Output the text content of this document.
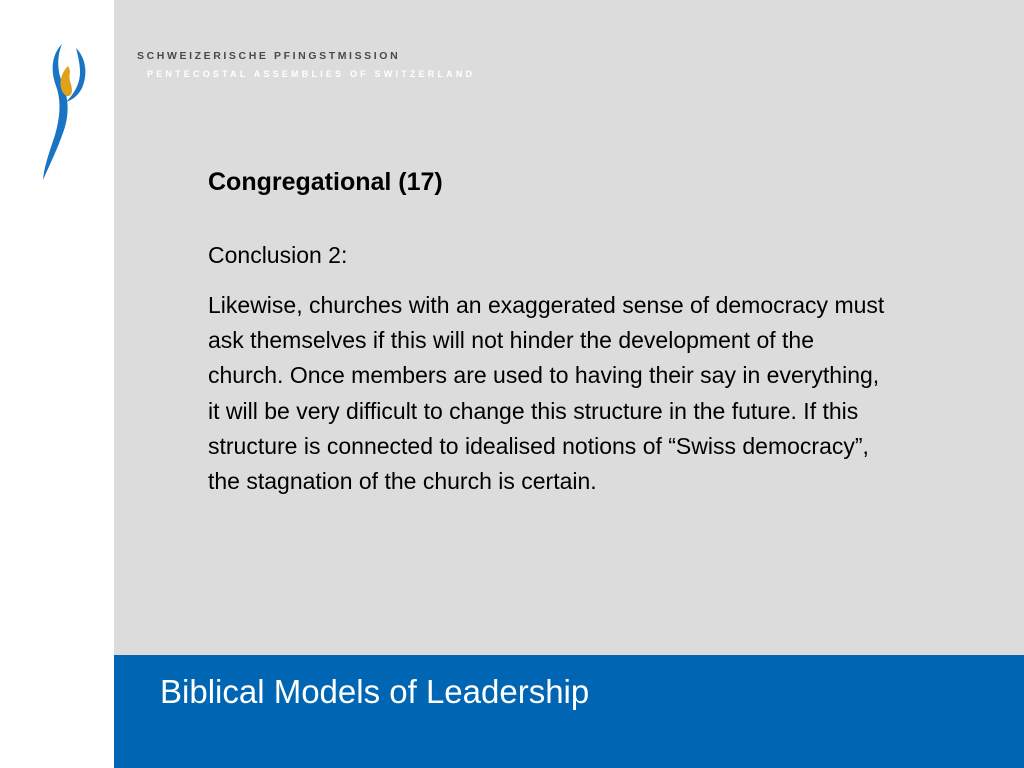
SCHWEIZERISCHE PFINGSTMISSION

PENTECOSTAL ASSEMBLIES OF SWITZERLAND

Congregational (17)

Conclusion 2:

Likewise, churches with an exaggerated sense of democracy must ask themselves if this will not hinder the development of the church. Once members are used to having their say in everything, it will be very difficult to change this structure in the future. If this structure is connected to idealised notions of “Swiss democracy”, the stagnation of the church is certain.

Biblical Models of Leadership
